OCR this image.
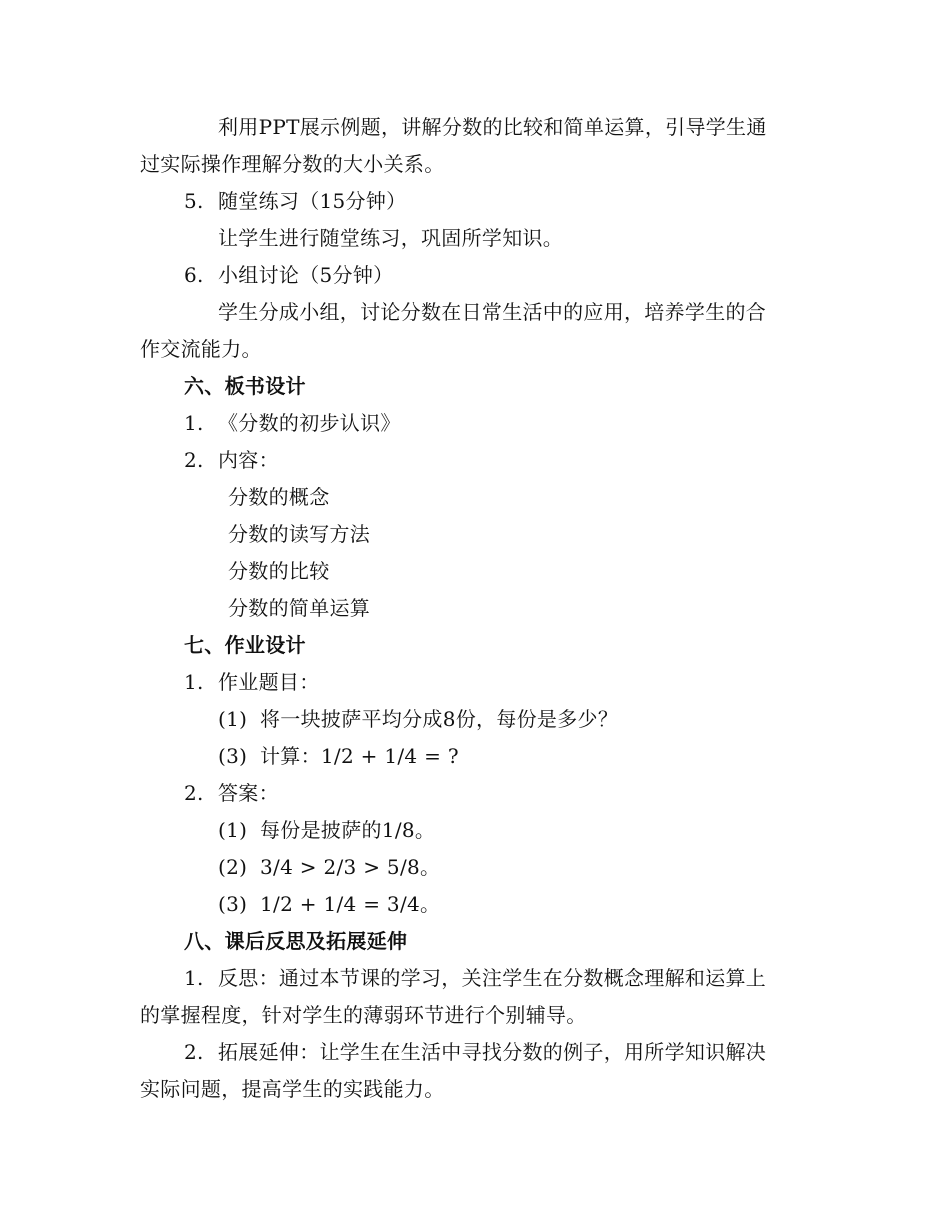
利用PPT展示例题，讲解分数的比较和简单运算，引导学生通
过实际操作理解分数的大小关系。
5. 随堂练习（15分钟）
让学生进行随堂练习，巩固所学知识。
6. 小组讨论（5分钟）
学生分成小组，讨论分数在日常生活中的应用，培养学生的合
作交流能力。
六、板书设计
1. 《分数的初步认识》
2. 内容：
分数的概念
分数的读写方法
分数的比较
分数的简单运算
七、作业设计
1. 作业题目：
(1) 将一块披萨平均分成8份，每份是多少？
(3) 计算：1/2 + 1/4 = ?
2. 答案：
(1) 每份是披萨的1/8。
(2) 3/4 > 2/3 > 5/8。
(3) 1/2 + 1/4 = 3/4。
八、课后反思及拓展延伸
1. 反思：通过本节课的学习，关注学生在分数概念理解和运算上
的掌握程度，针对学生的薄弱环节进行个别辅导。
2. 拓展延伸：让学生在生活中寻找分数的例子，用所学知识解决
实际问题，提高学生的实践能力。
